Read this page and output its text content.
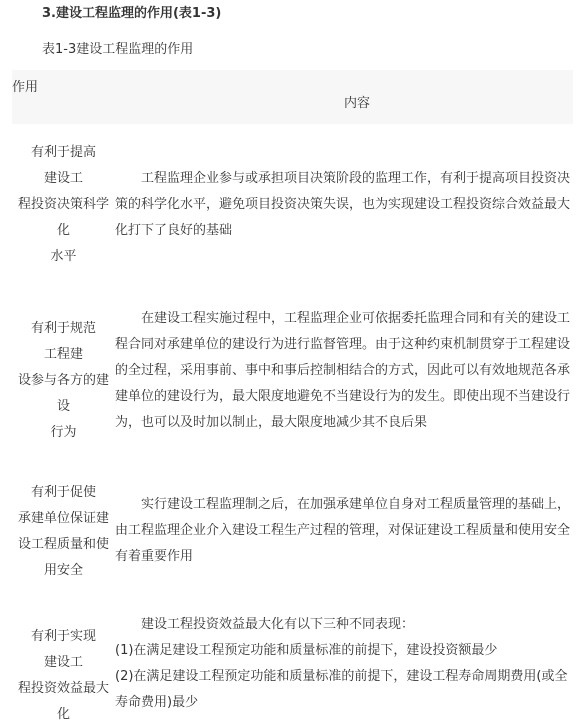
3.建设工程监理的作用(表1-3)
表1-3建设工程监理的作用
作用
内容
有利于提高
建设工
程投资决策科学
化
水平
工程监理企业参与或承担项目决策阶段的监理工作，有利于提高项目投资决策的科学化水平，避免项目投资决策失误，也为实现建设工程投资综合效益最大化打下了良好的基础
有利于规范
工程建
设参与各方的建
设
行为
在建设工程实施过程中，工程监理企业可依据委托监理合同和有关的建设工程合同对承建单位的建设行为进行监督管理。由于这种约束机制贯穿于工程建设的全过程，采用事前、事中和事后控制相结合的方式，因此可以有效地规范各承建单位的建设行为，最大限度地避免不当建设行为的发生。即使出现不当建设行为，也可以及时加以制止，最大限度地减少其不良后果
有利于促使
承建单位保证建
设工程质量和使
用安全
实行建设工程监理制之后，在加强承建单位自身对工程质量管理的基础上，由工程监理企业介入建设工程生产过程的管理，对保证建设工程质量和使用安全有着重要作用
有利于实现
建设工
程投资效益最大
化
建设工程投资效益最大化有以下三种不同表现：
(1)在满足建设工程预定功能和质量标准的前提下，建设投资额最少
(2)在满足建设工程预定功能和质量标准的前提下，建设工程寿命周期费用(或全寿命费用)最少
